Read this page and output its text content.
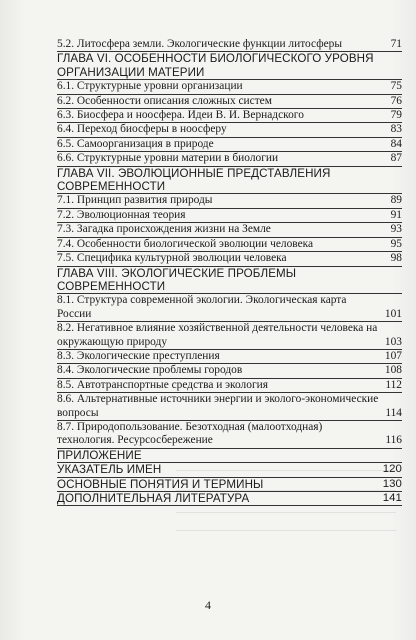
5.2. Литосфера земли. Экологические функции литосферы	71
ГЛАВА VI. ОСОБЕННОСТИ БИОЛОГИЧЕСКОГО УРОВНЯ ОРГАНИЗАЦИИ МАТЕРИИ
6.1. Структурные уровни организации	75
6.2. Особенности описания сложных систем	76
6.3. Биосфера и ноосфера. Идеи В. И. Вернадского	79
6.4. Переход биосферы в ноосферу	83
6.5. Самоорганизация в природе	84
6.6. Структурные уровни материи в биологии	87
ГЛАВА VII. ЭВОЛЮЦИОННЫЕ ПРЕДСТАВЛЕНИЯ СОВРЕМЕННОСТИ
7.1. Принцип развития природы	89
7.2. Эволюционная теория	91
7.3. Загадка происхождения жизни на Земле	93
7.4. Особенности биологической эволюции человека	95
7.5. Специфика культурной эволюции человека	98
ГЛАВА VIII. ЭКОЛОГИЧЕСКИЕ ПРОБЛЕМЫ СОВРЕМЕННОСТИ
8.1. Структура современной экологии. Экологическая карта России	101
8.2. Негативное влияние хозяйственной деятельности человека на окружающую природу	103
8.3. Экологические преступления	107
8.4. Экологические проблемы городов	108
8.5. Автотранспортные средства и экология	112
8.6. Альтернативные источники энергии и эколого-экономические вопросы	114
8.7. Природопользование. Безотходная (малоотходная) технология. Ресурсосбережение	116
ПРИЛОЖЕНИЕ
УКАЗАТЕЛЬ ИМЕН	120
ОСНОВНЫЕ ПОНЯТИЯ И ТЕРМИНЫ	130
ДОПОЛНИТЕЛЬНАЯ ЛИТЕРАТУРА	141
4
